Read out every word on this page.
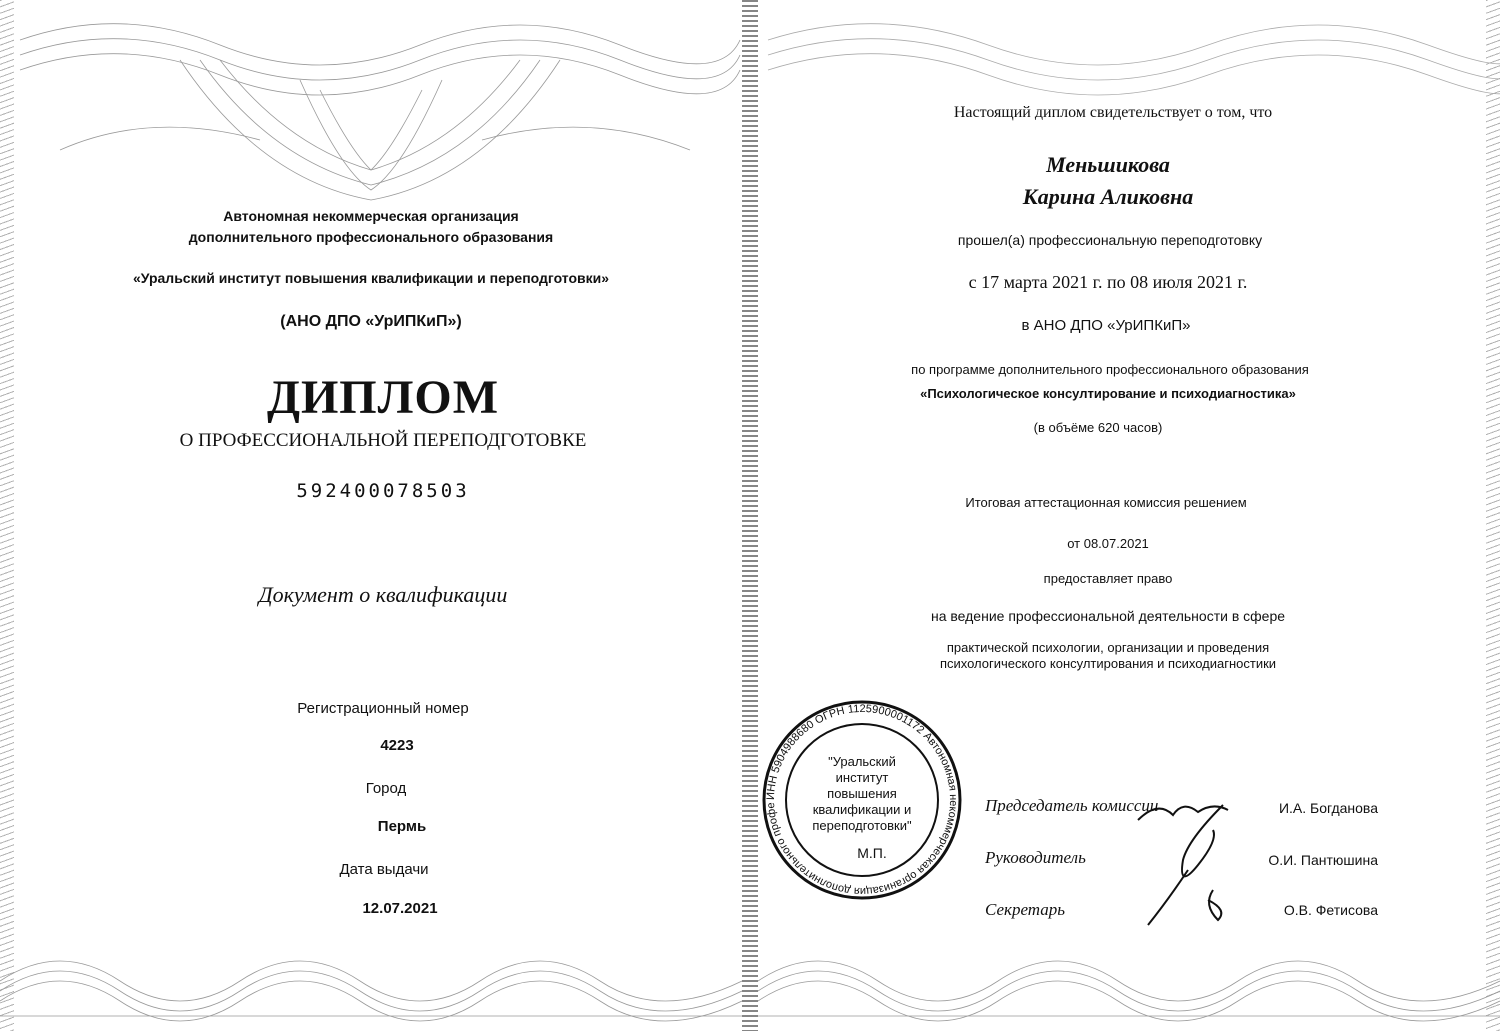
Автономная некоммерческая организация
дополнительного профессионального образования
«Уральский институт повышения квалификации и переподготовки»
(АНО ДПО «УрИПКиП»)
ДИПЛОМ
О ПРОФЕССИОНАЛЬНОЙ ПЕРЕПОДГОТОВКЕ
592400078503
Документ о квалификации
Регистрационный номер
4223
Город
Пермь
Дата выдачи
12.07.2021
Настоящий диплом свидетельствует о том, что
Меньшикова
Карина Аликовна
прошел(а) профессиональную переподготовку
с 17 марта 2021 г. по 08 июля 2021 г.
в АНО ДПО «УрИПКиП»
по программе дополнительного профессионального образования
«Психологическое консултирование и психодиагностика»
(в объёме 620 часов)
Итоговая аттестационная комиссия решением
от 08.07.2021
предоставляет право
на ведение профессиональной деятельности в сфере
практической психологии, организации и проведения
психологического консултирования и психодиагностики
Председатель комиссии	И.А. Богданова
Руководитель	О.И. Пантюшина
Секретарь	О.В. Фетисова
ИНН 5904988680 ОГРН 1125900001172 Автономная некоммерческая организация дополнительного профе
"Уральский
институт
повышения
квалификации и
переподготовки"
М.П.
